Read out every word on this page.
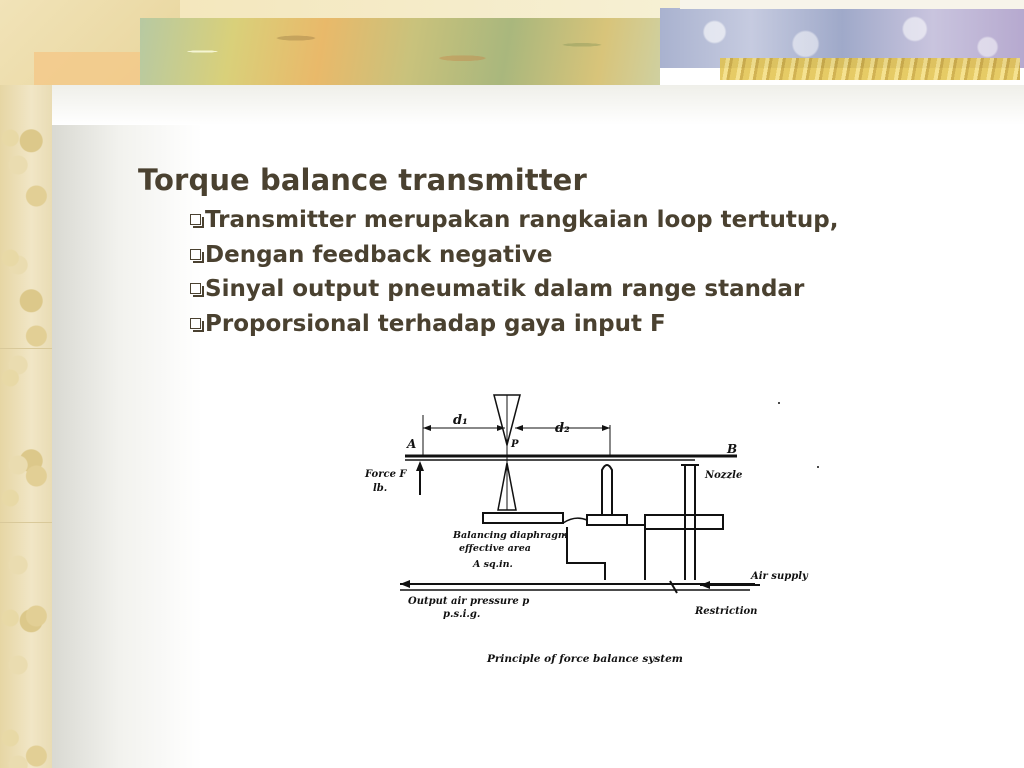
Torque balance transmitter
Transmitter merupakan rangkaian loop tertutup,
Dengan feedback negative
Sinyal output pneumatik dalam range standar
Proporsional terhadap gaya input F
d₁
d₂
A	B
P
Force F
lb.
Nozzle
Balancing diaphragm
effective area
A sq.in.
Air supply
Output air pressure p
p.s.i.g.	Restriction
Principle of force balance system
